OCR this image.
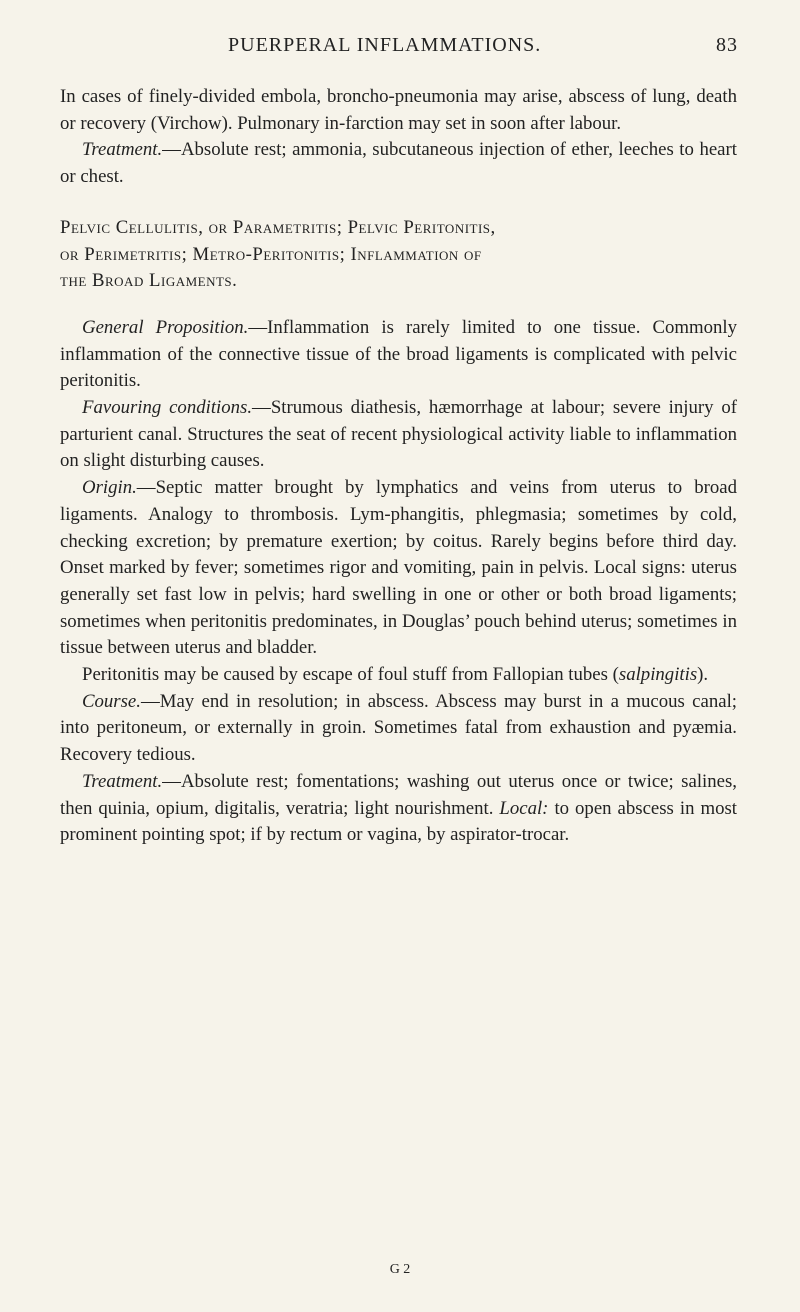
PUERPERAL INFLAMMATIONS.	83

In cases of finely-divided embola, broncho-pneumonia may arise, abscess of lung, death or recovery (Virchow). Pulmonary in-farction may set in soon after labour.

Treatment.—Absolute rest; ammonia, subcutaneous injection of ether, leeches to heart or chest.

Pelvic Cellulitis, or Parametritis; Pelvic Peritonitis,
or Perimetritis; Metro-Peritonitis; Inflammation of
the Broad Ligaments.

General Proposition.—Inflammation is rarely limited to one tissue. Commonly inflammation of the connective tissue of the broad ligaments is complicated with pelvic peritonitis.

Favouring conditions.—Strumous diathesis, hæmorrhage at labour; severe injury of parturient canal. Structures the seat of recent physiological activity liable to inflammation on slight disturbing causes.

Origin.—Septic matter brought by lymphatics and veins from uterus to broad ligaments. Analogy to thrombosis. Lym-phangitis, phlegmasia; sometimes by cold, checking excretion; by premature exertion; by coitus. Rarely begins before third day. Onset marked by fever; sometimes rigor and vomiting, pain in pelvis. Local signs: uterus generally set fast low in pelvis; hard swelling in one or other or both broad ligaments; sometimes when peritonitis predominates, in Douglas’ pouch behind uterus; sometimes in tissue between uterus and bladder.

Peritonitis may be caused by escape of foul stuff from Fallopian tubes (salpingitis).

Course.—May end in resolution; in abscess. Abscess may burst in a mucous canal; into peritoneum, or externally in groin. Sometimes fatal from exhaustion and pyæmia. Recovery tedious.

Treatment.—Absolute rest; fomentations; washing out uterus once or twice; salines, then quinia, opium, digitalis, veratria; light nourishment. Local: to open abscess in most prominent pointing spot; if by rectum or vagina, by aspirator-trocar.

G 2
